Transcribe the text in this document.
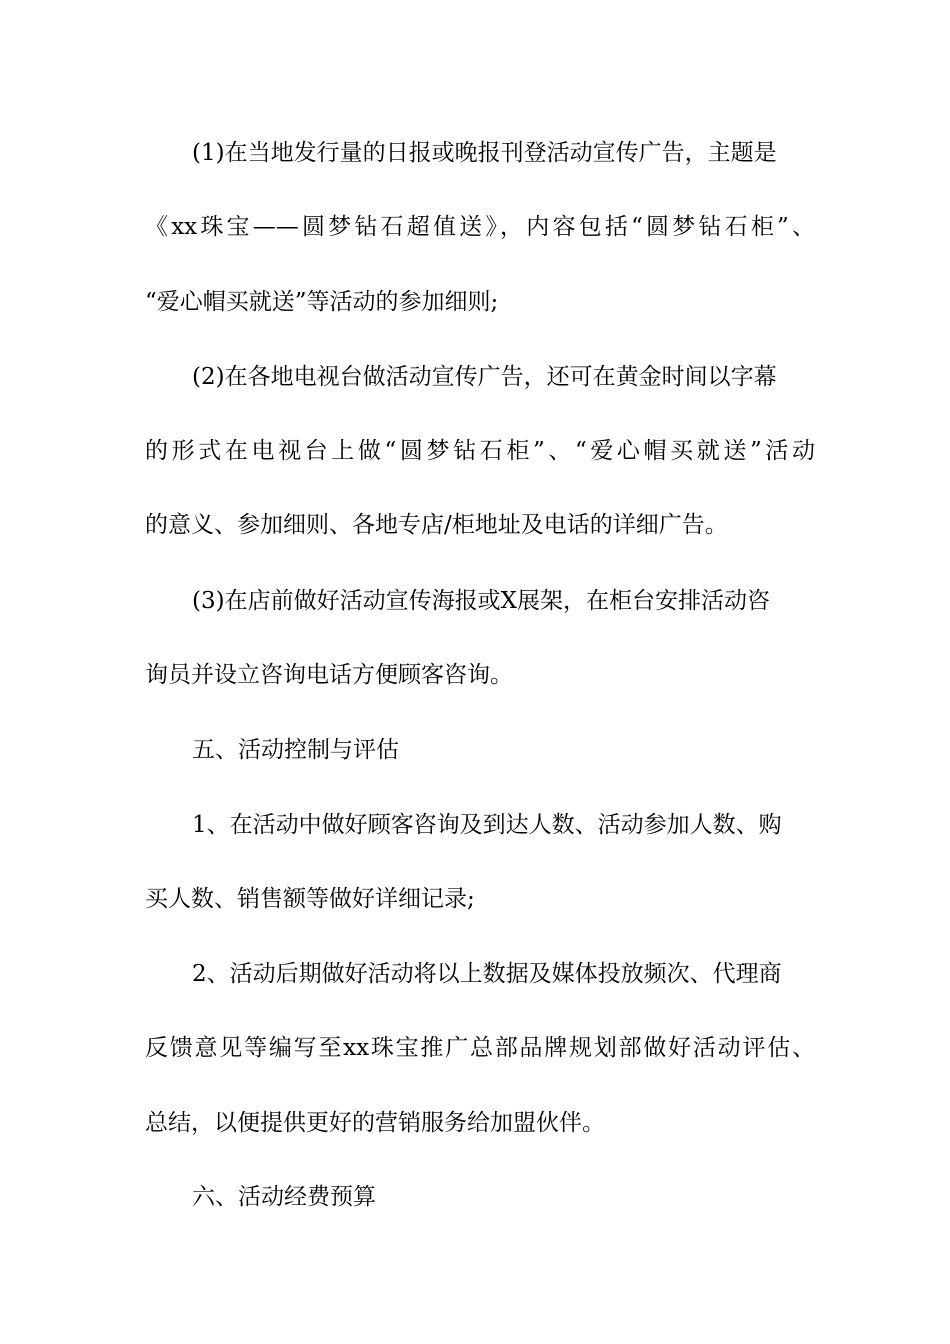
(1)在当地发行量的日报或晚报刊登活动宣传广告，主题是
《xx珠宝——圆梦钻石超值送》，内容包括“圆梦钻石柜”、
“爱心帽买就送”等活动的参加细则;
(2)在各地电视台做活动宣传广告，还可在黄金时间以字幕
的形式在电视台上做“圆梦钻石柜”、“爱心帽买就送”活动
的意义、参加细则、各地专店/柜地址及电话的详细广告。
(3)在店前做好活动宣传海报或X展架，在柜台安排活动咨
询员并设立咨询电话方便顾客咨询。
五、活动控制与评估
1、在活动中做好顾客咨询及到达人数、活动参加人数、购
买人数、销售额等做好详细记录;
2、活动后期做好活动将以上数据及媒体投放频次、代理商
反馈意见等编写至xx珠宝推广总部品牌规划部做好活动评估、
总结，以便提供更好的营销服务给加盟伙伴。
六、活动经费预算
